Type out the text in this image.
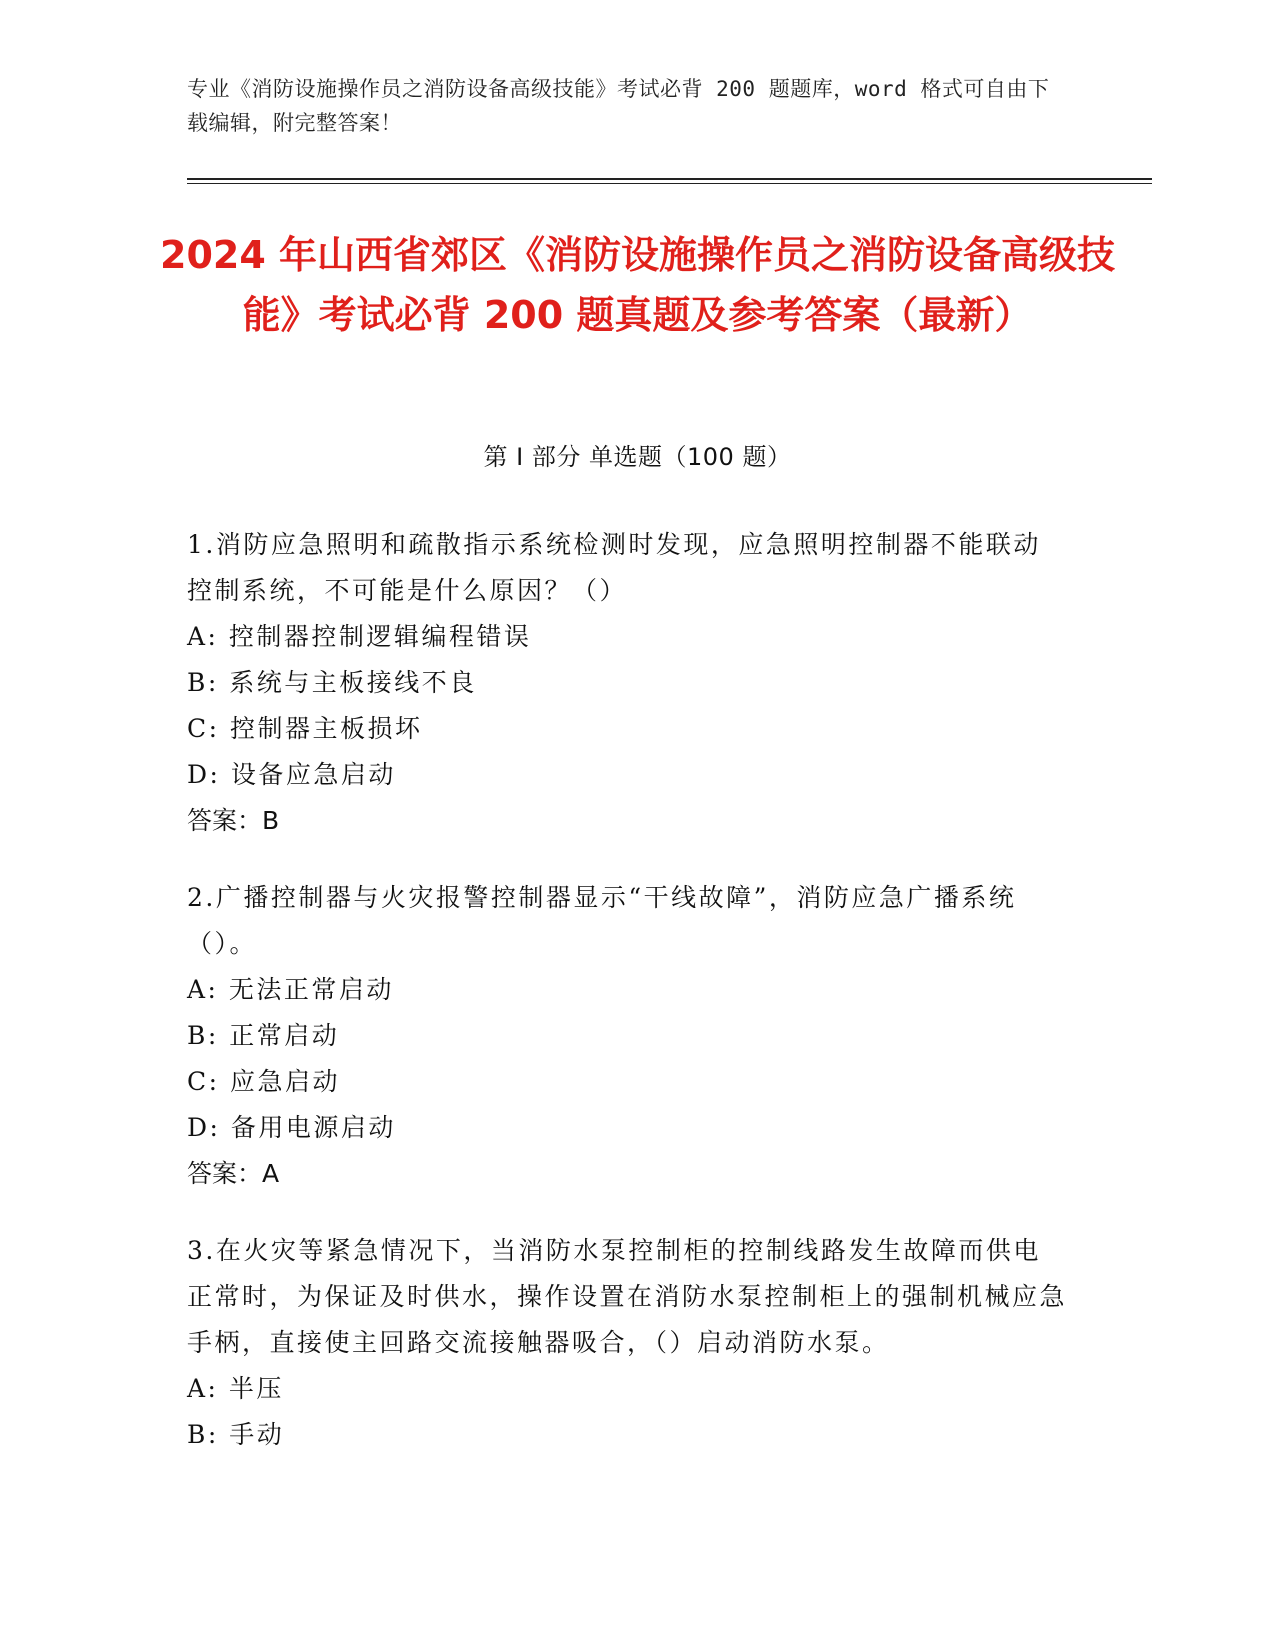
专业《消防设施操作员之消防设备高级技能》考试必背 200 题题库，word 格式可自由下载编辑，附完整答案！
2024 年山西省郊区《消防设施操作员之消防设备高级技能》考试必背 200 题真题及参考答案（最新）
第 I 部分 单选题（100 题）
1.消防应急照明和疏散指示系统检测时发现，应急照明控制器不能联动控制系统，不可能是什么原因？（）
A: 控制器控制逻辑编程错误
B: 系统与主板接线不良
C: 控制器主板损坏
D: 设备应急启动
答案：B
2.广播控制器与火灾报警控制器显示“干线故障”，消防应急广播系统（）。
A: 无法正常启动
B: 正常启动
C: 应急启动
D: 备用电源启动
答案：A
3.在火灾等紧急情况下，当消防水泵控制柜的控制线路发生故障而供电正常时，为保证及时供水，操作设置在消防水泵控制柜上的强制机械应急手柄，直接使主回路交流接触器吸合，（）启动消防水泵。
A: 半压
B: 手动
